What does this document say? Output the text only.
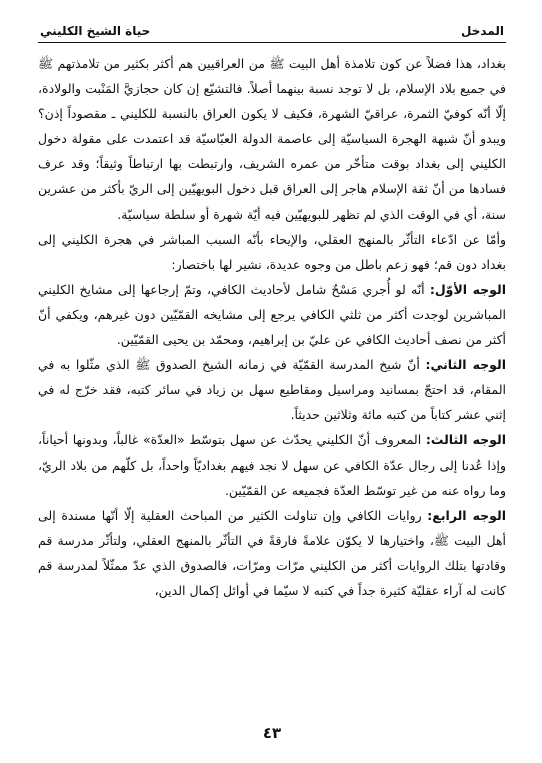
المدخل
حياة الشيخ الكليني

بغداد، هذا فضلاً عن كون تلامذة أهل البيت ﷺ من العراقيين هم أكثر بكثير من تلامذتهم ﷺ في جميع بلاد الإسلام، بل لا توجد نسبة بينهما أصلاً. فالتشيّع إن كان حجازيَّ المَنْبت والولادة، إلّا أنّه كوفيّ الثمرة، عراقيّ الشهرة، فكيف لا يكون العراق بالنسبة للكليني ـ مقصوداً إذن؟ ويبدو أنّ شبهة الهجرة السياسيّة إلى عاصمة الدولة العبّاسيّة قد اعتمدت على مقولة دخول الكليني إلى بغداد بوقت متأخّر من عمره الشريف، وارتبطت بها ارتباطاً وثيقاً؛ وقد عرف فسادها من أنّ ثقة الإسلام هاجر إلى العراق قبل دخول البويهيّين إلى الريّ بأكثر من عشرين سنة، أي في الوقت الذي لم تظهر للبويهيّين فيه أيّة شهرة أو سلطة سياسيّة.

وأمّا عن ادّعاء التأثّر بالمنهج العقلي، والإيحاء بأنّه السبب المباشر في هجرة الكليني إلى بغداد دون قم؛ فهو زعم باطل من وجوه عديدة، نشير لها باختصار:

الوجه الأوّل: أنّه لو أُجري مَسْحٌ شامل لأحاديث الكافي، وتمّ إرجاعها إلى مشايخ الكليني المباشرين لوجدت أكثر من ثلثي الكافي يرجع إلى مشايخه القمّيّين دون غيرهم، ويكفي أنّ أكثر من نصف أحاديث الكافي عن عليّ بن إبراهيم، ومحمّد بن يحيى القمّيّين.

الوجه الثاني: أنّ شيخ المدرسة القمّيّة في زمانه الشيخ الصدوق ﷺ الذي مثّلوا به في المقام، قد احتجّ بمسانيد ومراسيل ومقاطيع سهل بن زياد في سائر كتبه، فقد خرّج له في إثني عشر كتاباً من كتبه مائة وثلاثين حديثاً.

الوجه الثالث: المعروف أنّ الكليني يحدّث عن سهل بتوسّط «العدّة» غالباً، وبدونها أحياناً، وإذا عُدنا إلى رجال عدّة الكافي عن سهل لا نجد فيهم بغداديّاً واحداً، بل كلّهم من بلاد الريّ، وما رواه عنه من غير توسّط العدّة فجميعه عن القمّيّين.

الوجه الرابع: روايات الكافي وإن تناولت الكثير من المباحث العقلية إلّا أنّها مسندة إلى أهل البيت ﷺ، واختيارها لا يكوّن علامةً فارقةً في التأثّر بالمنهج العقلي، ولتأثّر مدرسة قم وقادتها بتلك الروايات أكثر من الكليني مرّات ومرّات، فالصدوق الذي عدّ ممثّلاً لمدرسة قم كانت له آراء عقليّة كثيرة جداً في كتبه لا سيّما في أوائل إكمال الدين،

٤٣
